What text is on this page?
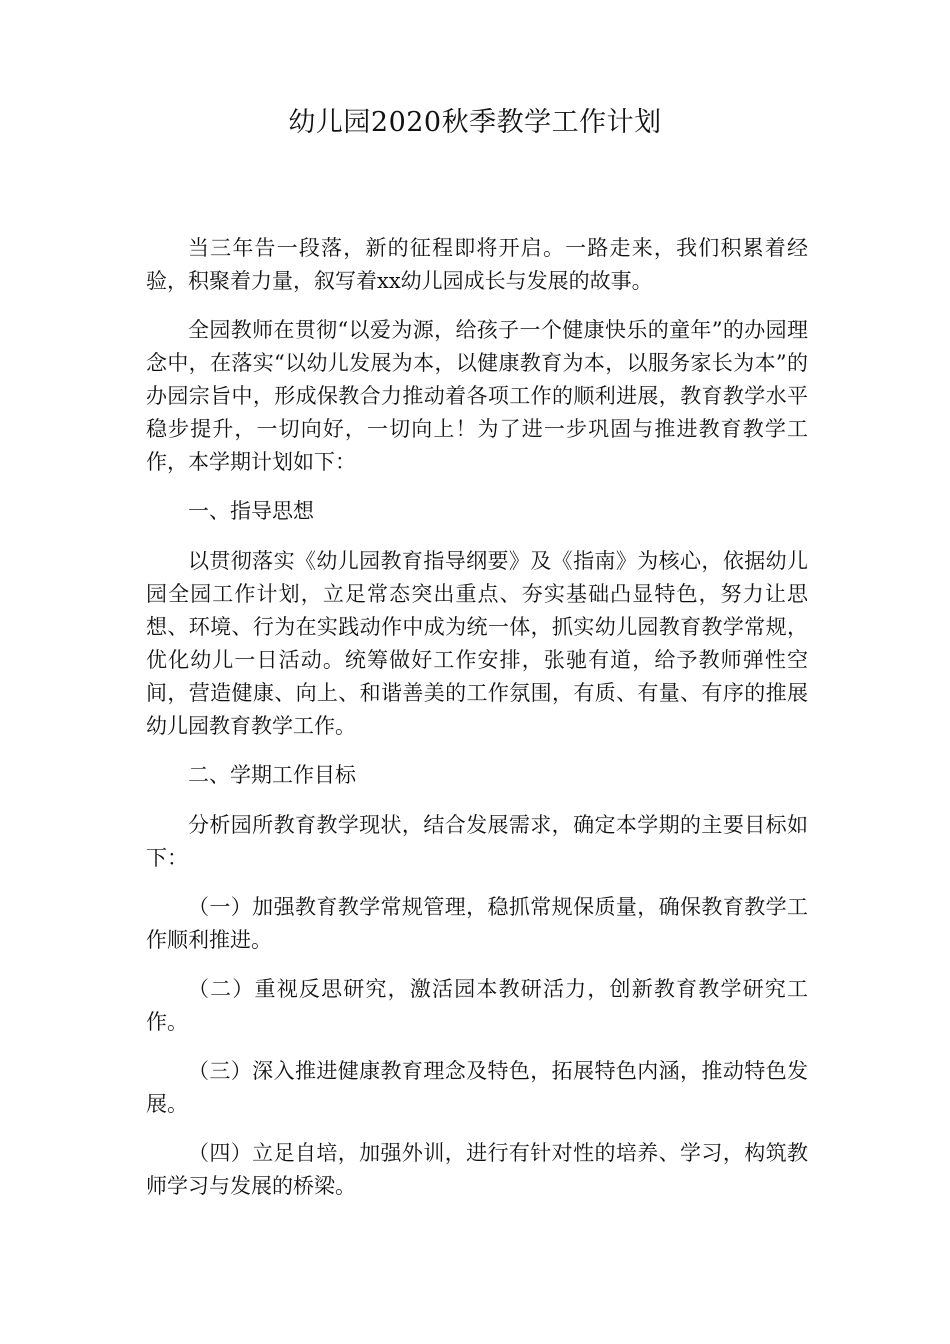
幼儿园2020秋季教学工作计划

当三年告一段落，新的征程即将开启。一路走来，我们积累着经验，积聚着力量，叙写着xx幼儿园成长与发展的故事。

全园教师在贯彻“以爱为源，给孩子一个健康快乐的童年”的办园理念中，在落实“以幼儿发展为本，以健康教育为本，以服务家长为本”的办园宗旨中，形成保教合力推动着各项工作的顺利进展，教育教学水平稳步提升，一切向好，一切向上！为了进一步巩固与推进教育教学工作，本学期计划如下：

一、指导思想

以贯彻落实《幼儿园教育指导纲要》及《指南》为核心，依据幼儿园全园工作计划，立足常态突出重点、夯实基础凸显特色，努力让思想、环境、行为在实践动作中成为统一体，抓实幼儿园教育教学常规，优化幼儿一日活动。统筹做好工作安排，张驰有道，给予教师弹性空间，营造健康、向上、和谐善美的工作氛围，有质、有量、有序的推展幼儿园教育教学工作。

二、学期工作目标

分析园所教育教学现状，结合发展需求，确定本学期的主要目标如下：

（一）加强教育教学常规管理，稳抓常规保质量，确保教育教学工作顺利推进。

（二）重视反思研究，激活园本教研活力，创新教育教学研究工作。

（三）深入推进健康教育理念及特色，拓展特色内涵，推动特色发展。

（四）立足自培，加强外训，进行有针对性的培养、学习，构筑教师学习与发展的桥梁。
